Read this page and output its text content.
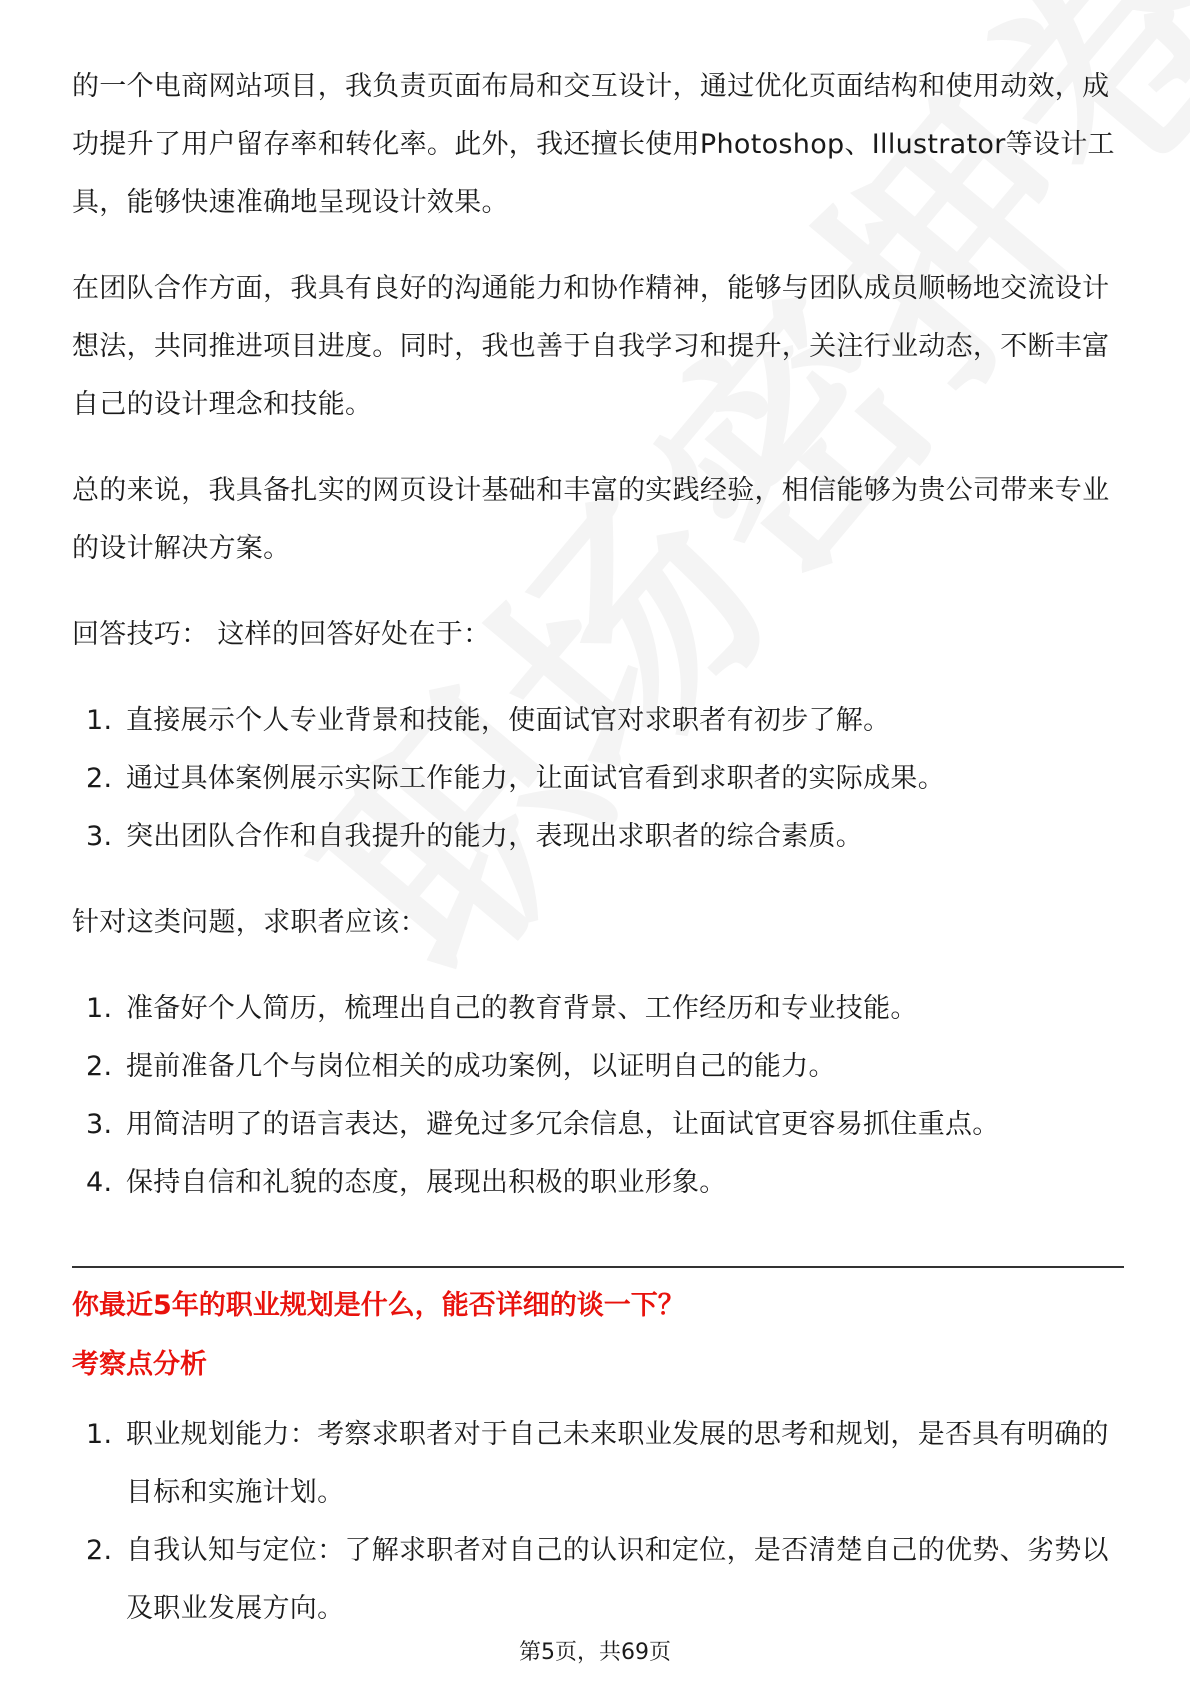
的一个电商网站项目，我负责页面布局和交互设计，通过优化页面结构和使用动效，成功提升了用户留存率和转化率。此外，我还擅长使用Photoshop、Illustrator等设计工具，能够快速准确地呈现设计效果。

在团队合作方面，我具有良好的沟通能力和协作精神，能够与团队成员顺畅地交流设计想法，共同推进项目进度。同时，我也善于自我学习和提升，关注行业动态，不断丰富自己的设计理念和技能。

总的来说，我具备扎实的网页设计基础和丰富的实践经验，相信能够为贵公司带来专业的设计解决方案。

回答技巧： 这样的回答好处在于：

1. 直接展示个人专业背景和技能，使面试官对求职者有初步了解。
2. 通过具体案例展示实际工作能力，让面试官看到求职者的实际成果。
3. 突出团队合作和自我提升的能力，表现出求职者的综合素质。

针对这类问题，求职者应该：

1. 准备好个人简历，梳理出自己的教育背景、工作经历和专业技能。
2. 提前准备几个与岗位相关的成功案例，以证明自己的能力。
3. 用简洁明了的语言表达，避免过多冗余信息，让面试官更容易抓住重点。
4. 保持自信和礼貌的态度，展现出积极的职业形象。
你最近5年的职业规划是什么，能否详细的谈一下？
考察点分析
1. 职业规划能力：考察求职者对于自己未来职业发展的思考和规划，是否具有明确的目标和实施计划。
2. 自我认知与定位：了解求职者对自己的认识和定位，是否清楚自己的优势、劣势以及职业发展方向。
第5页，共69页
